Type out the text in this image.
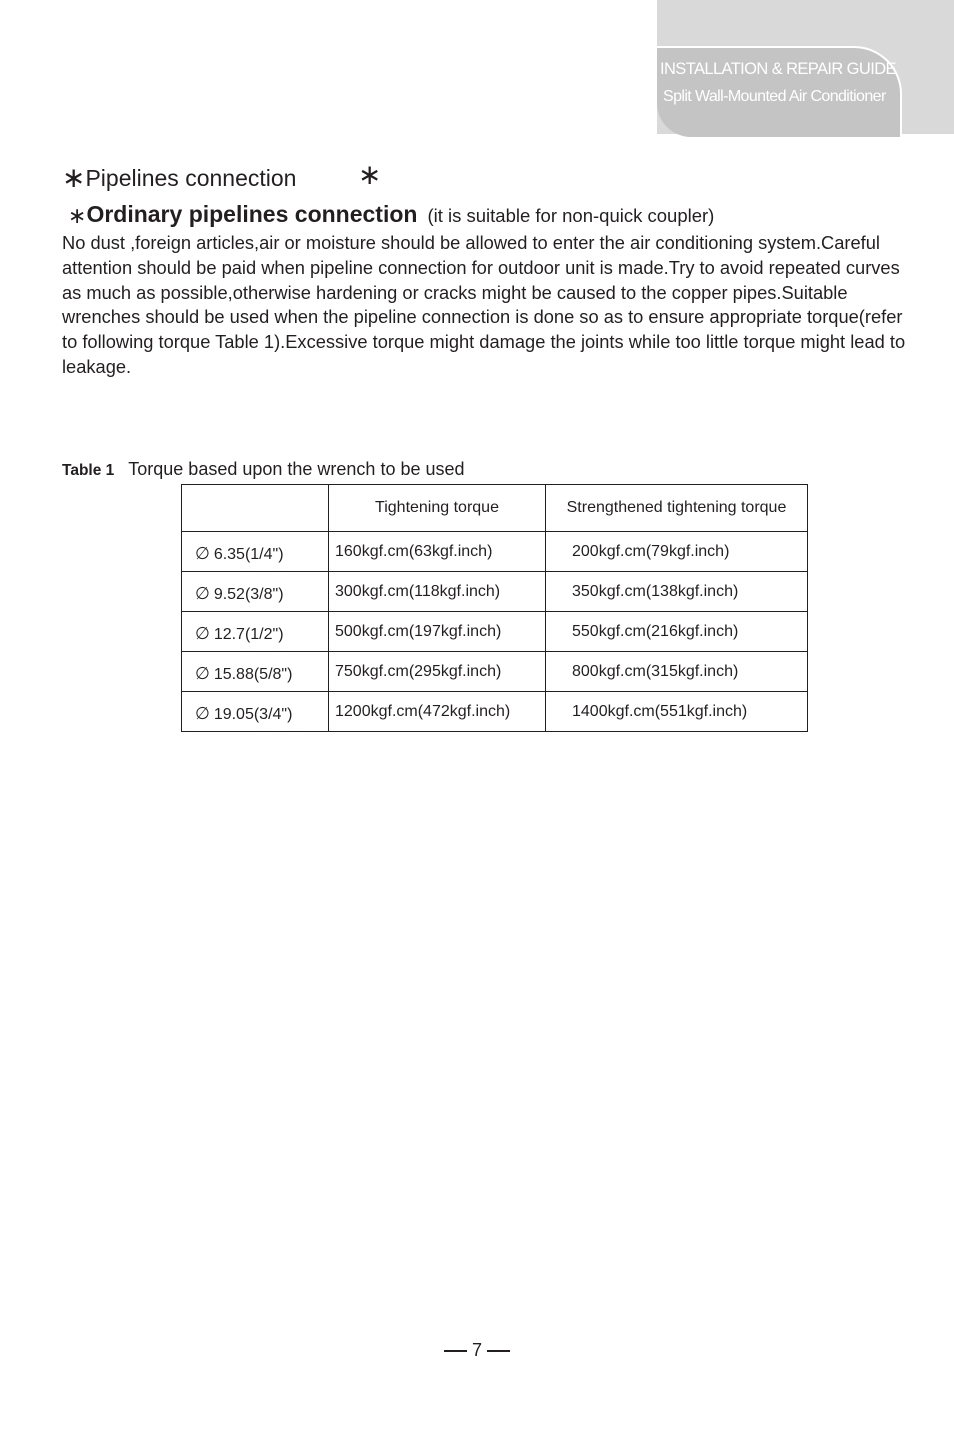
INSTALLATION & REPAIR GUIDE
Split Wall-Mounted Air Conditioner
∗Pipelines connection ∗
∗Ordinary pipelines connection (it is suitable for non-quick coupler)

No dust ,foreign articles,air or moisture should be allowed to enter the air conditioning system.Careful attention should be paid when pipeline connection for outdoor unit is made.Try to avoid repeated curves as much as possible,otherwise hardening or cracks might be caused to the copper pipes.Suitable wrenches should be used when the pipeline connection is done so as to ensure appropriate torque(refer to following torque Table 1).Excessive torque might damage the joints while too little torque might lead to leakage.

Table 1 Torque based upon the wrench to be used
	Tightening torque	Strengthened tightening torque
∅ 6.35(1/4")	160kgf.cm(63kgf.inch)	200kgf.cm(79kgf.inch)
∅ 9.52(3/8")	300kgf.cm(118kgf.inch)	350kgf.cm(138kgf.inch)
∅ 12.7(1/2")	500kgf.cm(197kgf.inch)	550kgf.cm(216kgf.inch)
∅ 15.88(5/8")	750kgf.cm(295kgf.inch)	800kgf.cm(315kgf.inch)
∅ 19.05(3/4")	1200kgf.cm(472kgf.inch)	1400kgf.cm(551kgf.inch)
7
